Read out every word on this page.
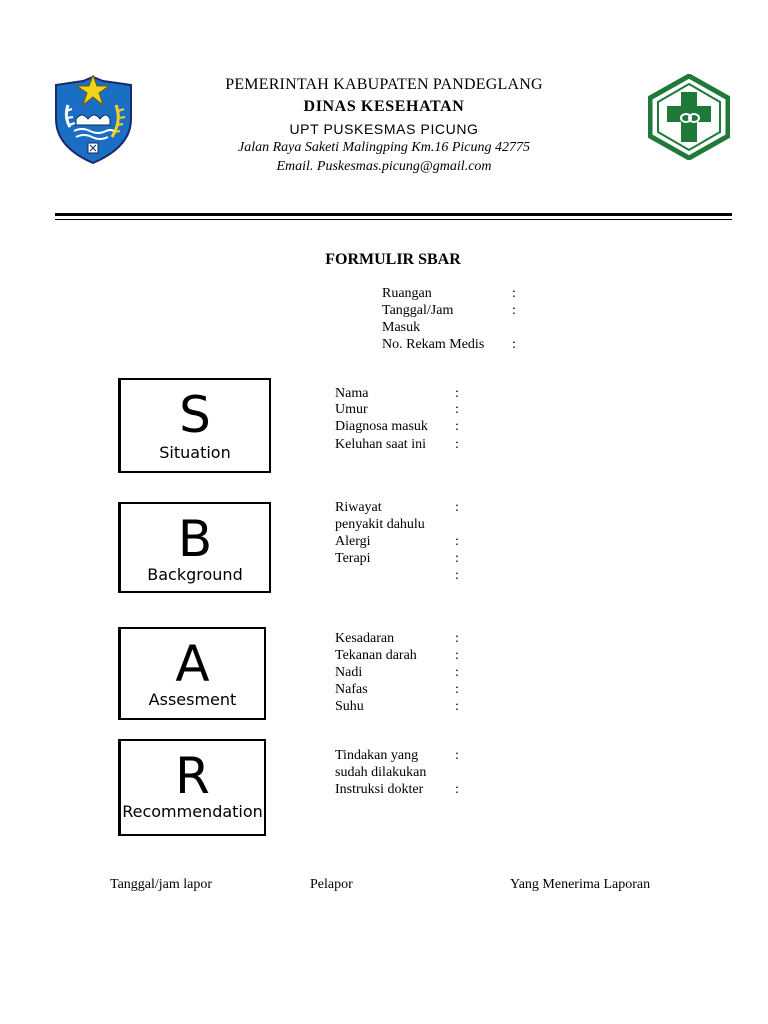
PEMERINTAH KABUPATEN PANDEGLANG
DINAS KESEHATAN
UPT PUSKESMAS PICUNG
Jalan Raya Saketi Malingping Km.16 Picung 42775
Email. Puskesmas.picung@gmail.com
FORMULIR SBAR
Ruangan	:
Tanggal/Jam	:
Masuk
No. Rekam Medis :
S
Situation
Nama	:
Umur	:
Diagnosa masuk :
Keluhan saat ini :
B
Background
Riwayat	:
penyakit dahulu
Alergi	:
Terapi	:
:
A
Assesment
Kesadaran	:
Tekanan darah	:
Nadi	:
Nafas	:
Suhu	:
R
Recommendation
Tindakan yang	:
sudah dilakukan
Instruksi dokter :
Tanggal/jam lapor	Pelapor	Yang Menerima Laporan
